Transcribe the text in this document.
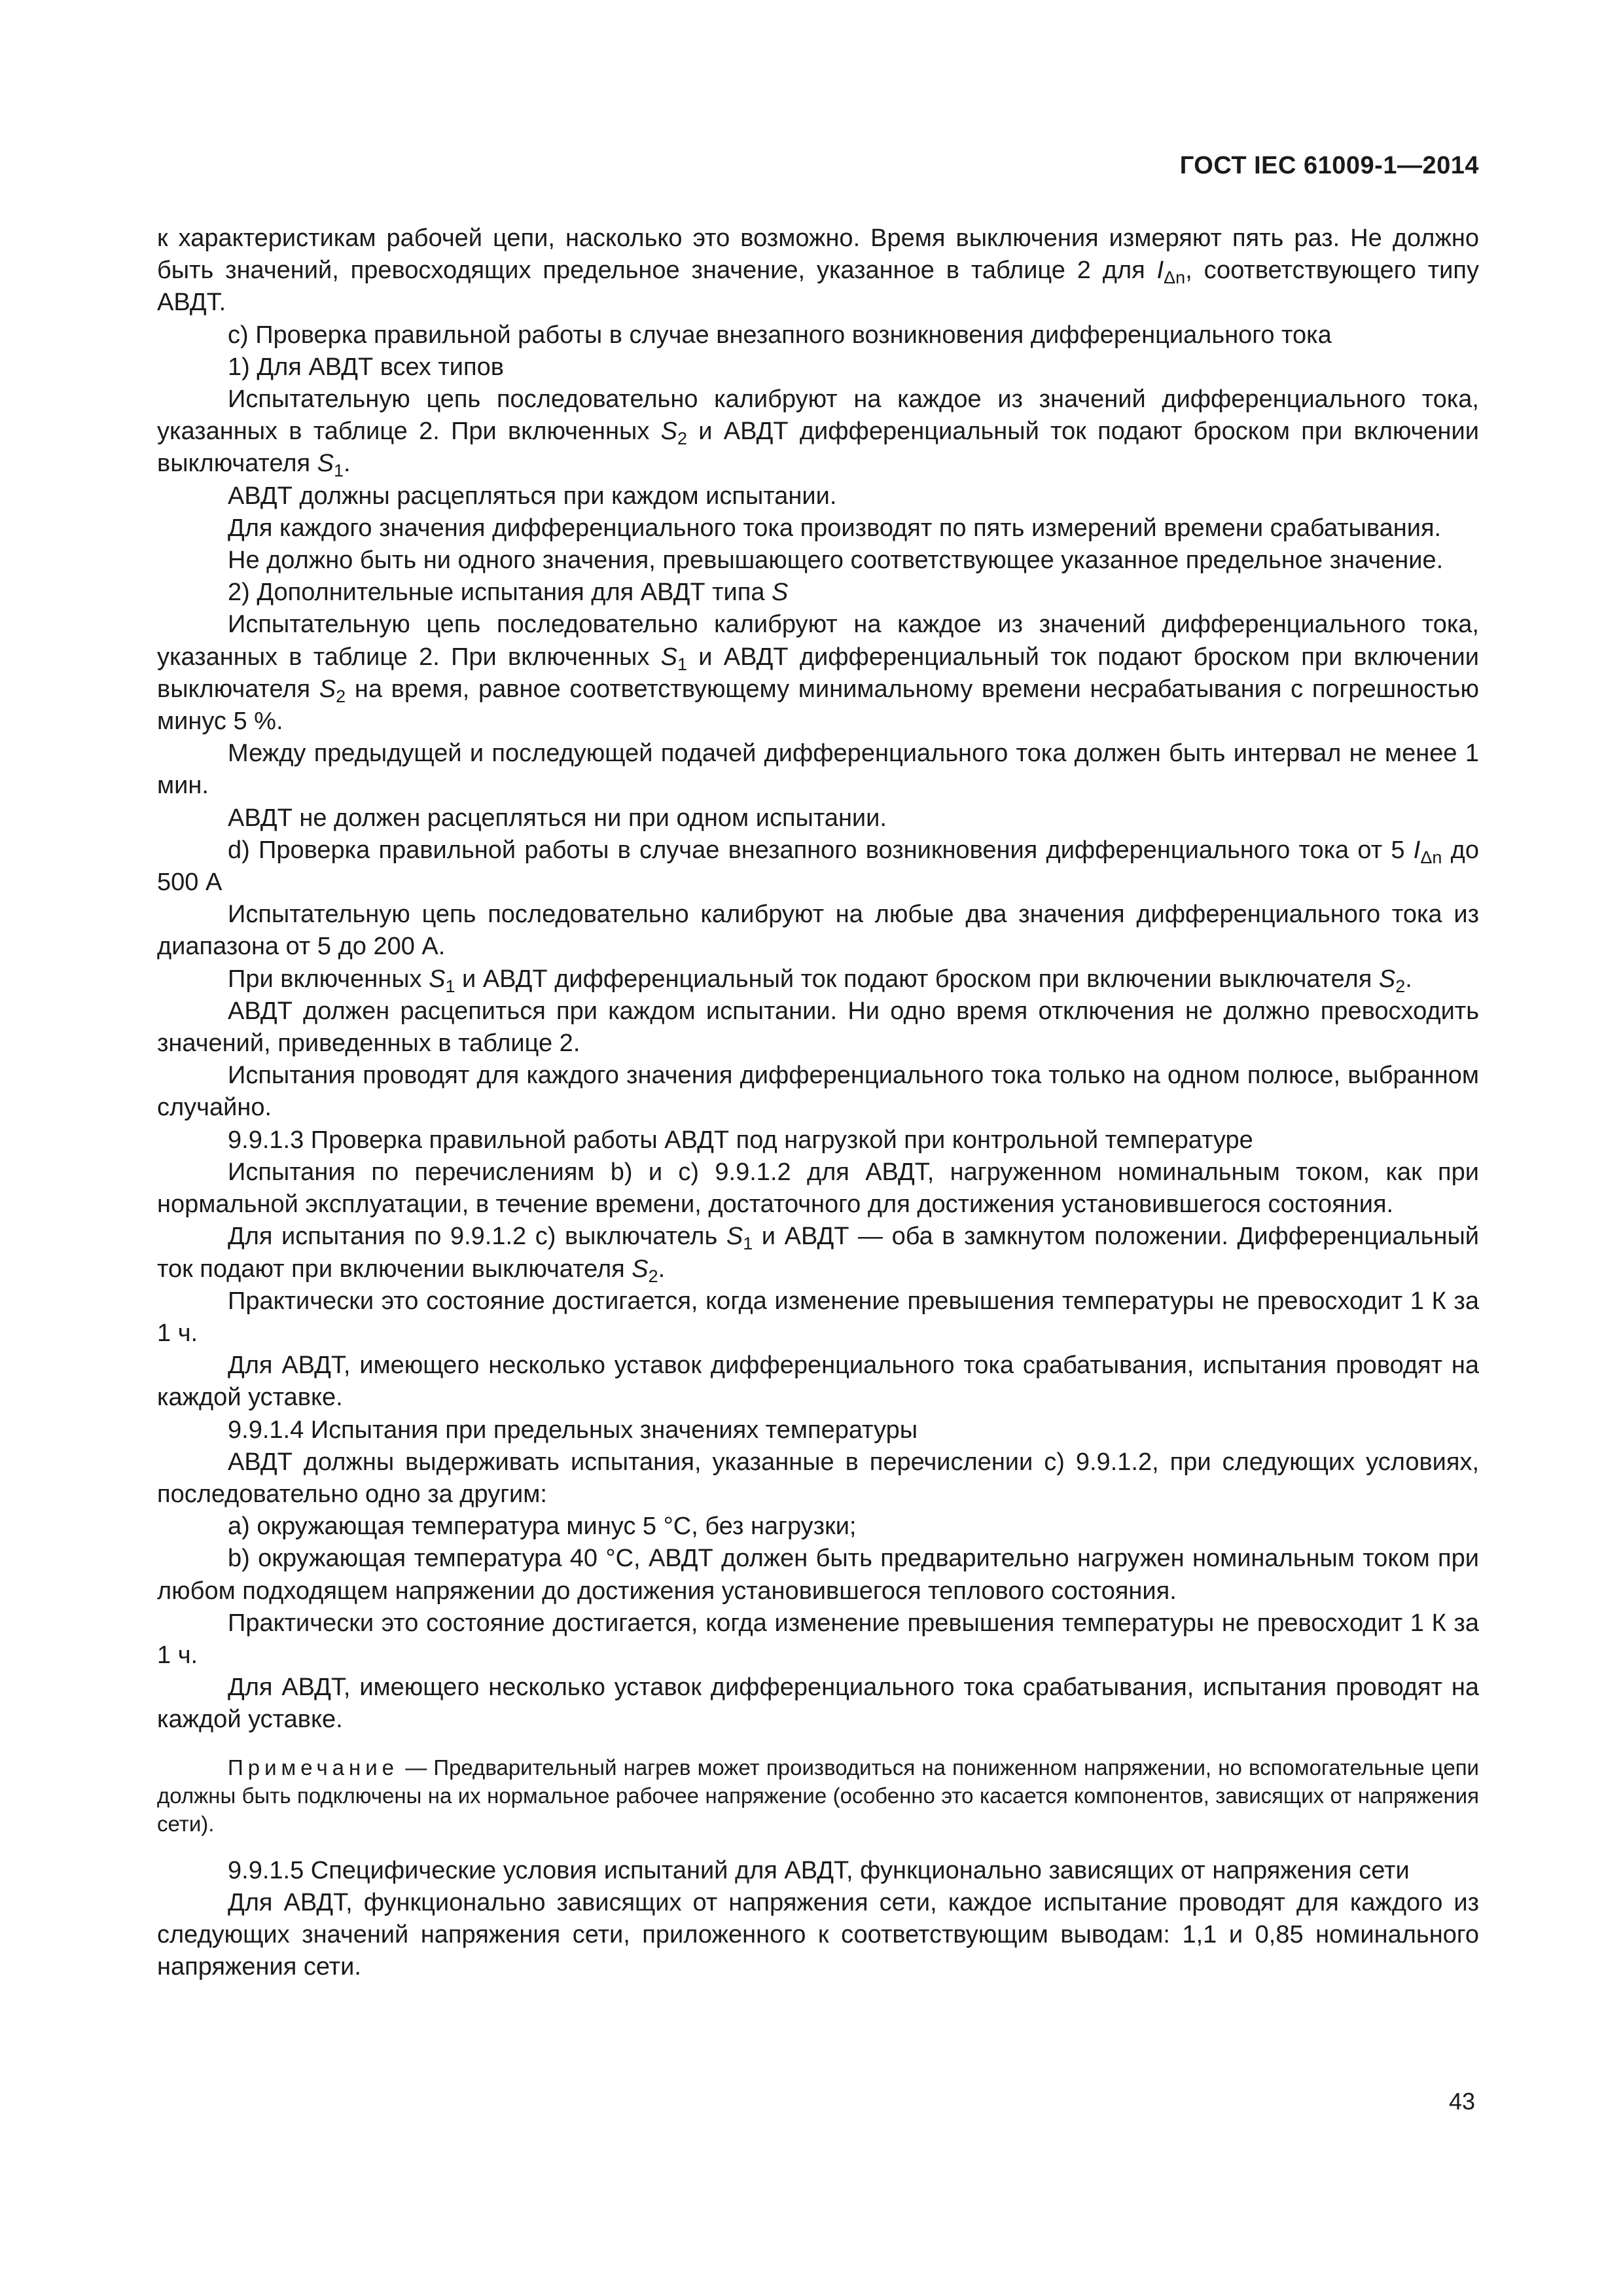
ГОСТ IEC 61009-1—2014

к характеристикам рабочей цепи, насколько это возможно. Время выключения измеряют пять раз. Не должно быть значений, превосходящих предельное значение, указанное в таблице 2 для $I_{\Delta n}$, соответствующего типу АВДТ.

с) Проверка правильной работы в случае внезапного возникновения дифференциального тока

1) Для АВДТ всех типов

Испытательную цепь последовательно калибруют на каждое из значений дифференциального тока, указанных в таблице 2. При включенных $S_2$ и АВДТ дифференциальный ток подают броском при включении выключателя $S_1$.

АВДТ должны расцепляться при каждом испытании.

Для каждого значения дифференциального тока производят по пять измерений времени срабатывания.

Не должно быть ни одного значения, превышающего соответствующее указанное предельное значение.

2) Дополнительные испытания для АВДТ типа S

Испытательную цепь последовательно калибруют на каждое из значений дифференциального тока, указанных в таблице 2. При включенных $S_1$ и АВДТ дифференциальный ток подают броском при включении выключателя $S_2$ на время, равное соответствующему минимальному времени несрабатывания с погрешностью минус 5 %.

Между предыдущей и последующей подачей дифференциального тока должен быть интервал не менее 1 мин.

АВДТ не должен расцепляться ни при одном испытании.

d) Проверка правильной работы в случае внезапного возникновения дифференциального тока от 5 $I_{\Delta n}$ до 500 А

Испытательную цепь последовательно калибруют на любые два значения дифференциального тока из диапазона от 5 до 200 А.

При включенных $S_1$ и АВДТ дифференциальный ток подают броском при включении выключателя $S_2$.

АВДТ должен расцепиться при каждом испытании. Ни одно время отключения не должно превосходить значений, приведенных в таблице 2.

Испытания проводят для каждого значения дифференциального тока только на одном полюсе, выбранном случайно.

9.9.1.3 Проверка правильной работы АВДТ под нагрузкой при контрольной температуре

Испытания по перечислениям b) и с) 9.9.1.2 для АВДТ, нагруженном номинальным током, как при нормальной эксплуатации, в течение времени, достаточного для достижения установившегося состояния.

Для испытания по 9.9.1.2 с) выключатель $S_1$ и АВДТ — оба в замкнутом положении. Дифференциальный ток подают при включении выключателя $S_2$.

Практически это состояние достигается, когда изменение превышения температуры не превосходит 1 К за 1 ч.

Для АВДТ, имеющего несколько уставок дифференциального тока срабатывания, испытания проводят на каждой уставке.

9.9.1.4 Испытания при предельных значениях температуры

АВДТ должны выдерживать испытания, указанные в перечислении с) 9.9.1.2, при следующих условиях, последовательно одно за другим:

а) окружающая температура минус 5 °С, без нагрузки;

b) окружающая температура 40 °С, АВДТ должен быть предварительно нагружен номинальным током при любом подходящем напряжении до достижения установившегося теплового состояния.

Практически это состояние достигается, когда изменение превышения температуры не превосходит 1 К за 1 ч.

Для АВДТ, имеющего несколько уставок дифференциального тока срабатывания, испытания проводят на каждой уставке.

Примечание — Предварительный нагрев может производиться на пониженном напряжении, но вспомогательные цепи должны быть подключены на их нормальное рабочее напряжение (особенно это касается компонентов, зависящих от напряжения сети).

9.9.1.5 Специфические условия испытаний для АВДТ, функционально зависящих от напряжения сети

Для АВДТ, функционально зависящих от напряжения сети, каждое испытание проводят для каждого из следующих значений напряжения сети, приложенного к соответствующим выводам: 1,1 и 0,85 номинального напряжения сети.

43
